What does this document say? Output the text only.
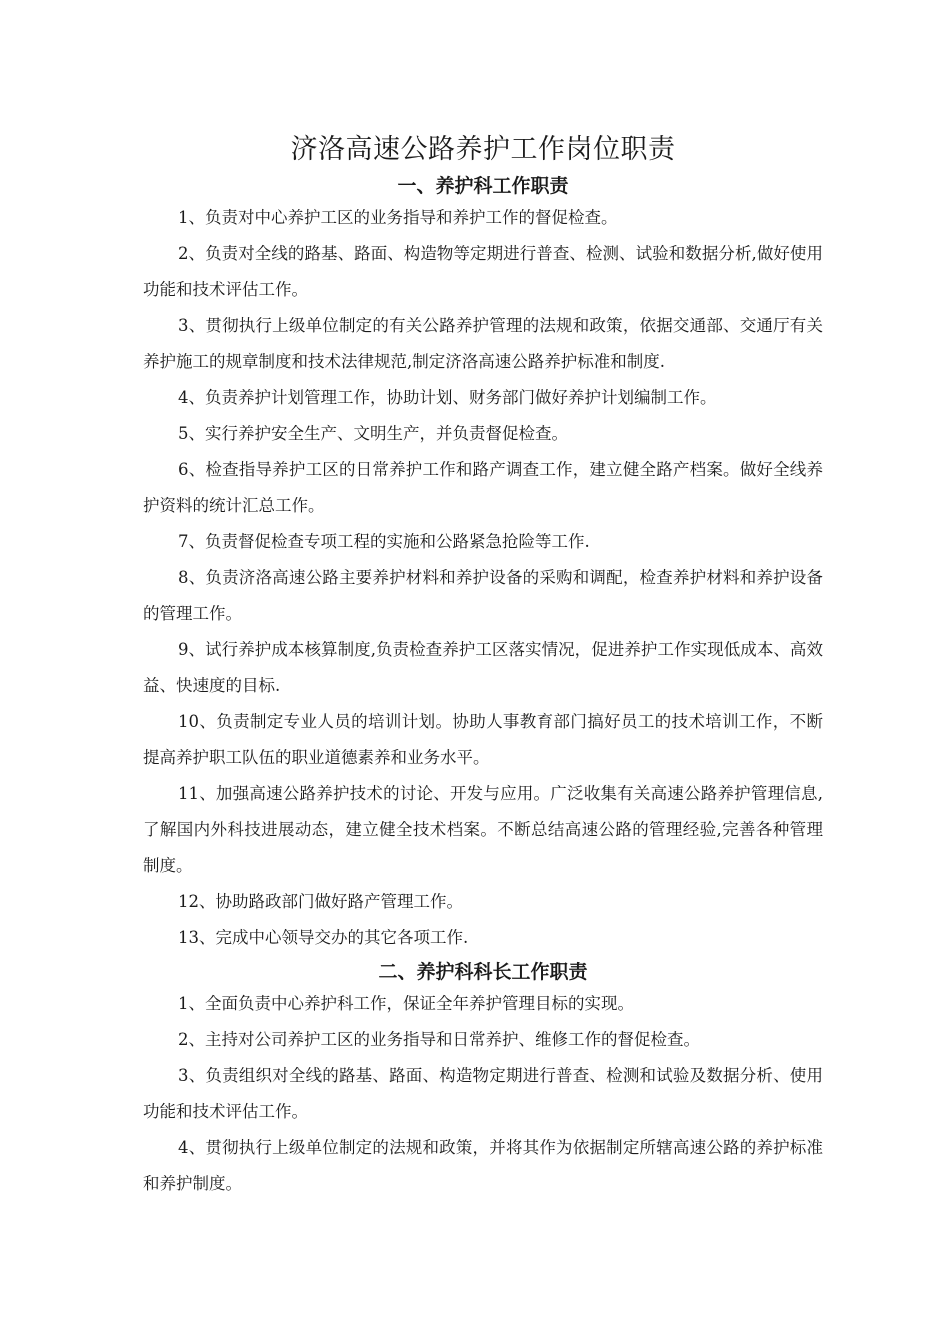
济洛高速公路养护工作岗位职责
一、养护科工作职责

1、负责对中心养护工区的业务指导和养护工作的督促检查。

2、负责对全线的路基、路面、构造物等定期进行普查、检测、试验和数据分析,做好使用功能和技术评估工作。

3、贯彻执行上级单位制定的有关公路养护管理的法规和政策，依据交通部、交通厅有关养护施工的规章制度和技术法律规范,制定济洛高速公路养护标准和制度.

4、负责养护计划管理工作，协助计划、财务部门做好养护计划编制工作。

5、实行养护安全生产、文明生产，并负责督促检查。

6、检查指导养护工区的日常养护工作和路产调查工作，建立健全路产档案。做好全线养护资料的统计汇总工作。

7、负责督促检查专项工程的实施和公路紧急抢险等工作.

8、负责济洛高速公路主要养护材料和养护设备的采购和调配，检查养护材料和养护设备的管理工作。

9、试行养护成本核算制度,负责检查养护工区落实情况，促进养护工作实现低成本、高效益、快速度的目标.

10、负责制定专业人员的培训计划。协助人事教育部门搞好员工的技术培训工作，不断提高养护职工队伍的职业道德素养和业务水平。

11、加强高速公路养护技术的讨论、开发与应用。广泛收集有关高速公路养护管理信息,了解国内外科技进展动态，建立健全技术档案。不断总结高速公路的管理经验,完善各种管理制度。

12、协助路政部门做好路产管理工作。

13、完成中心领导交办的其它各项工作.

二、养护科科长工作职责

1、全面负责中心养护科工作，保证全年养护管理目标的实现。

2、主持对公司养护工区的业务指导和日常养护、维修工作的督促检查。

3、负责组织对全线的路基、路面、构造物定期进行普查、检测和试验及数据分析、使用功能和技术评估工作。

4、贯彻执行上级单位制定的法规和政策，并将其作为依据制定所辖高速公路的养护标准和养护制度。
